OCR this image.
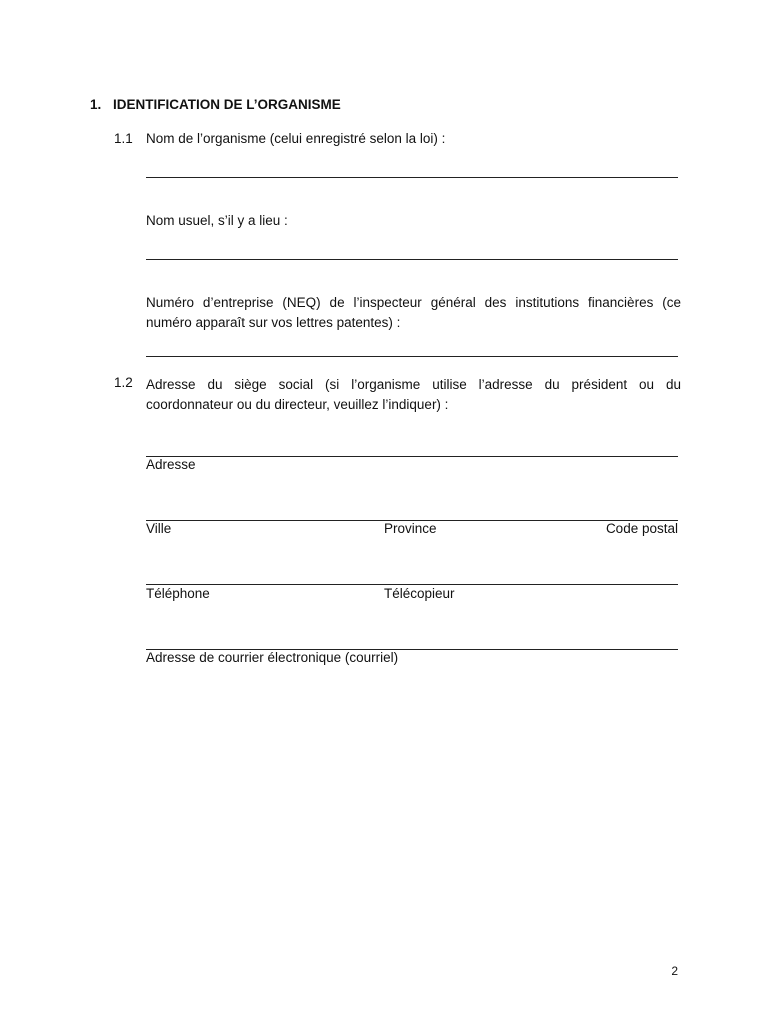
1. IDENTIFICATION DE L’ORGANISME
1.1 Nom de l’organisme (celui enregistré selon la loi) :
Nom usuel, s’il y a lieu :
Numéro d’entreprise (NEQ) de l’inspecteur général des institutions financières (ce numéro apparaît sur vos lettres patentes) :
1.2 Adresse du siège social (si l’organisme utilise l’adresse du président ou du coordonnateur ou du directeur, veuillez l’indiquer) :
Adresse
Ville	Province	Code postal
Téléphone	Télécopieur
Adresse de courrier électronique (courriel)
2
